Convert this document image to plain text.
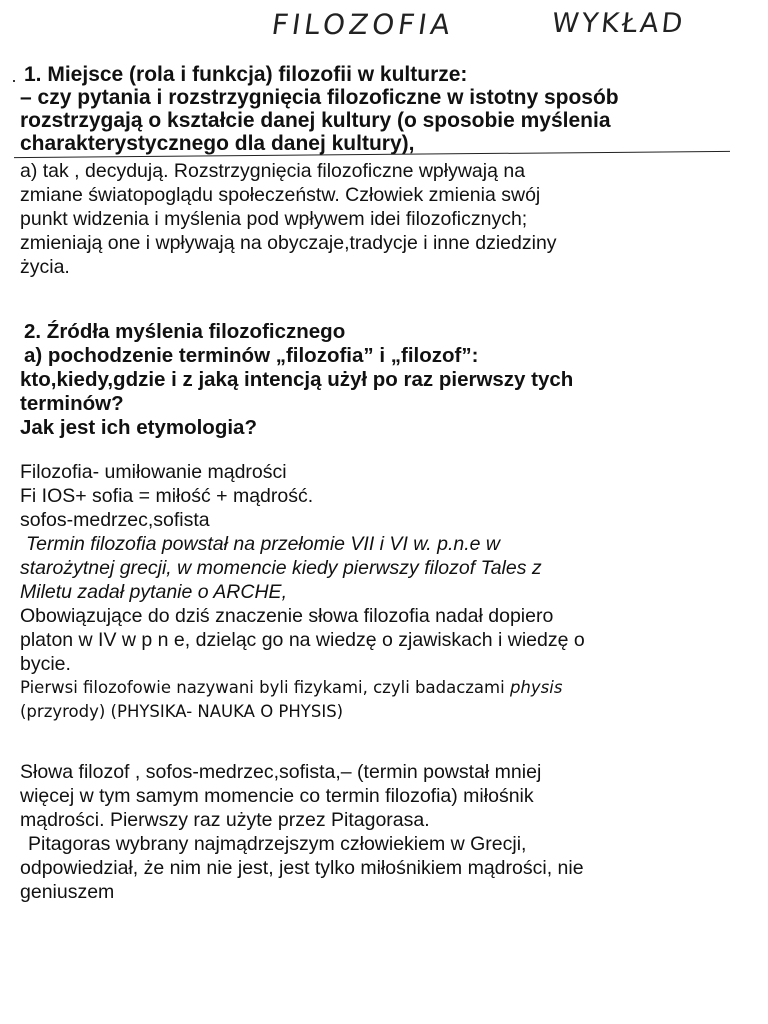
FILOZOFIA	WYKŁAD
· 1. Miejsce (rola i funkcja) filozofii w kulturze:
– czy pytania i rozstrzygnięcia filozoficzne w istotny sposób
rozstrzygają o kształcie danej kultury (o sposobie myślenia
charakterystycznego dla danej kultury),
a) tak , decydują. Rozstrzygnięcia filozoficzne wpływają na
zmiane światopoglądu społeczeństw. Człowiek zmienia swój
punkt widzenia i myślenia pod wpływem idei filozoficznych;
zmieniają one i wpływają na obyczaje,tradycje i inne dziedziny
życia.
2. Źródła myślenia filozoficznego
a) pochodzenie terminów „filozofia” i „filozof”:
kto,kiedy,gdzie i z jaką intencją użył po raz pierwszy tych
terminów?
Jak jest ich etymologia?
Filozofia- umiłowanie mądrości
Fi IOS+ sofia = miłość + mądrość.
sofos-medrzec,sofista
Termin filozofia powstał na przełomie VII i VI w. p.n.e w
starożytnej grecji, w momencie kiedy pierwszy filozof Tales z
Miletu zadał pytanie o ARCHE,
Obowiązujące do dziś znaczenie słowa filozofia nadał dopiero
platon w IV w p n e, dzieląc go na wiedzę o zjawiskach i wiedzę o
bycie.
Pierwsi filozofowie nazywani byli fizykami, czyli badaczami physis
(przyrody) (PHYSIKA- NAUKA O PHYSIS)
Słowa filozof , sofos-medrzec,sofista,– (termin powstał mniej
więcej w tym samym momencie co termin filozofia) miłośnik
mądrości. Pierwszy raz użyte przez Pitagorasa.
Pitagoras wybrany najmądrzejszym człowiekiem w Grecji,
odpowiedział, że nim nie jest, jest tylko miłośnikiem mądrości, nie
geniuszem
